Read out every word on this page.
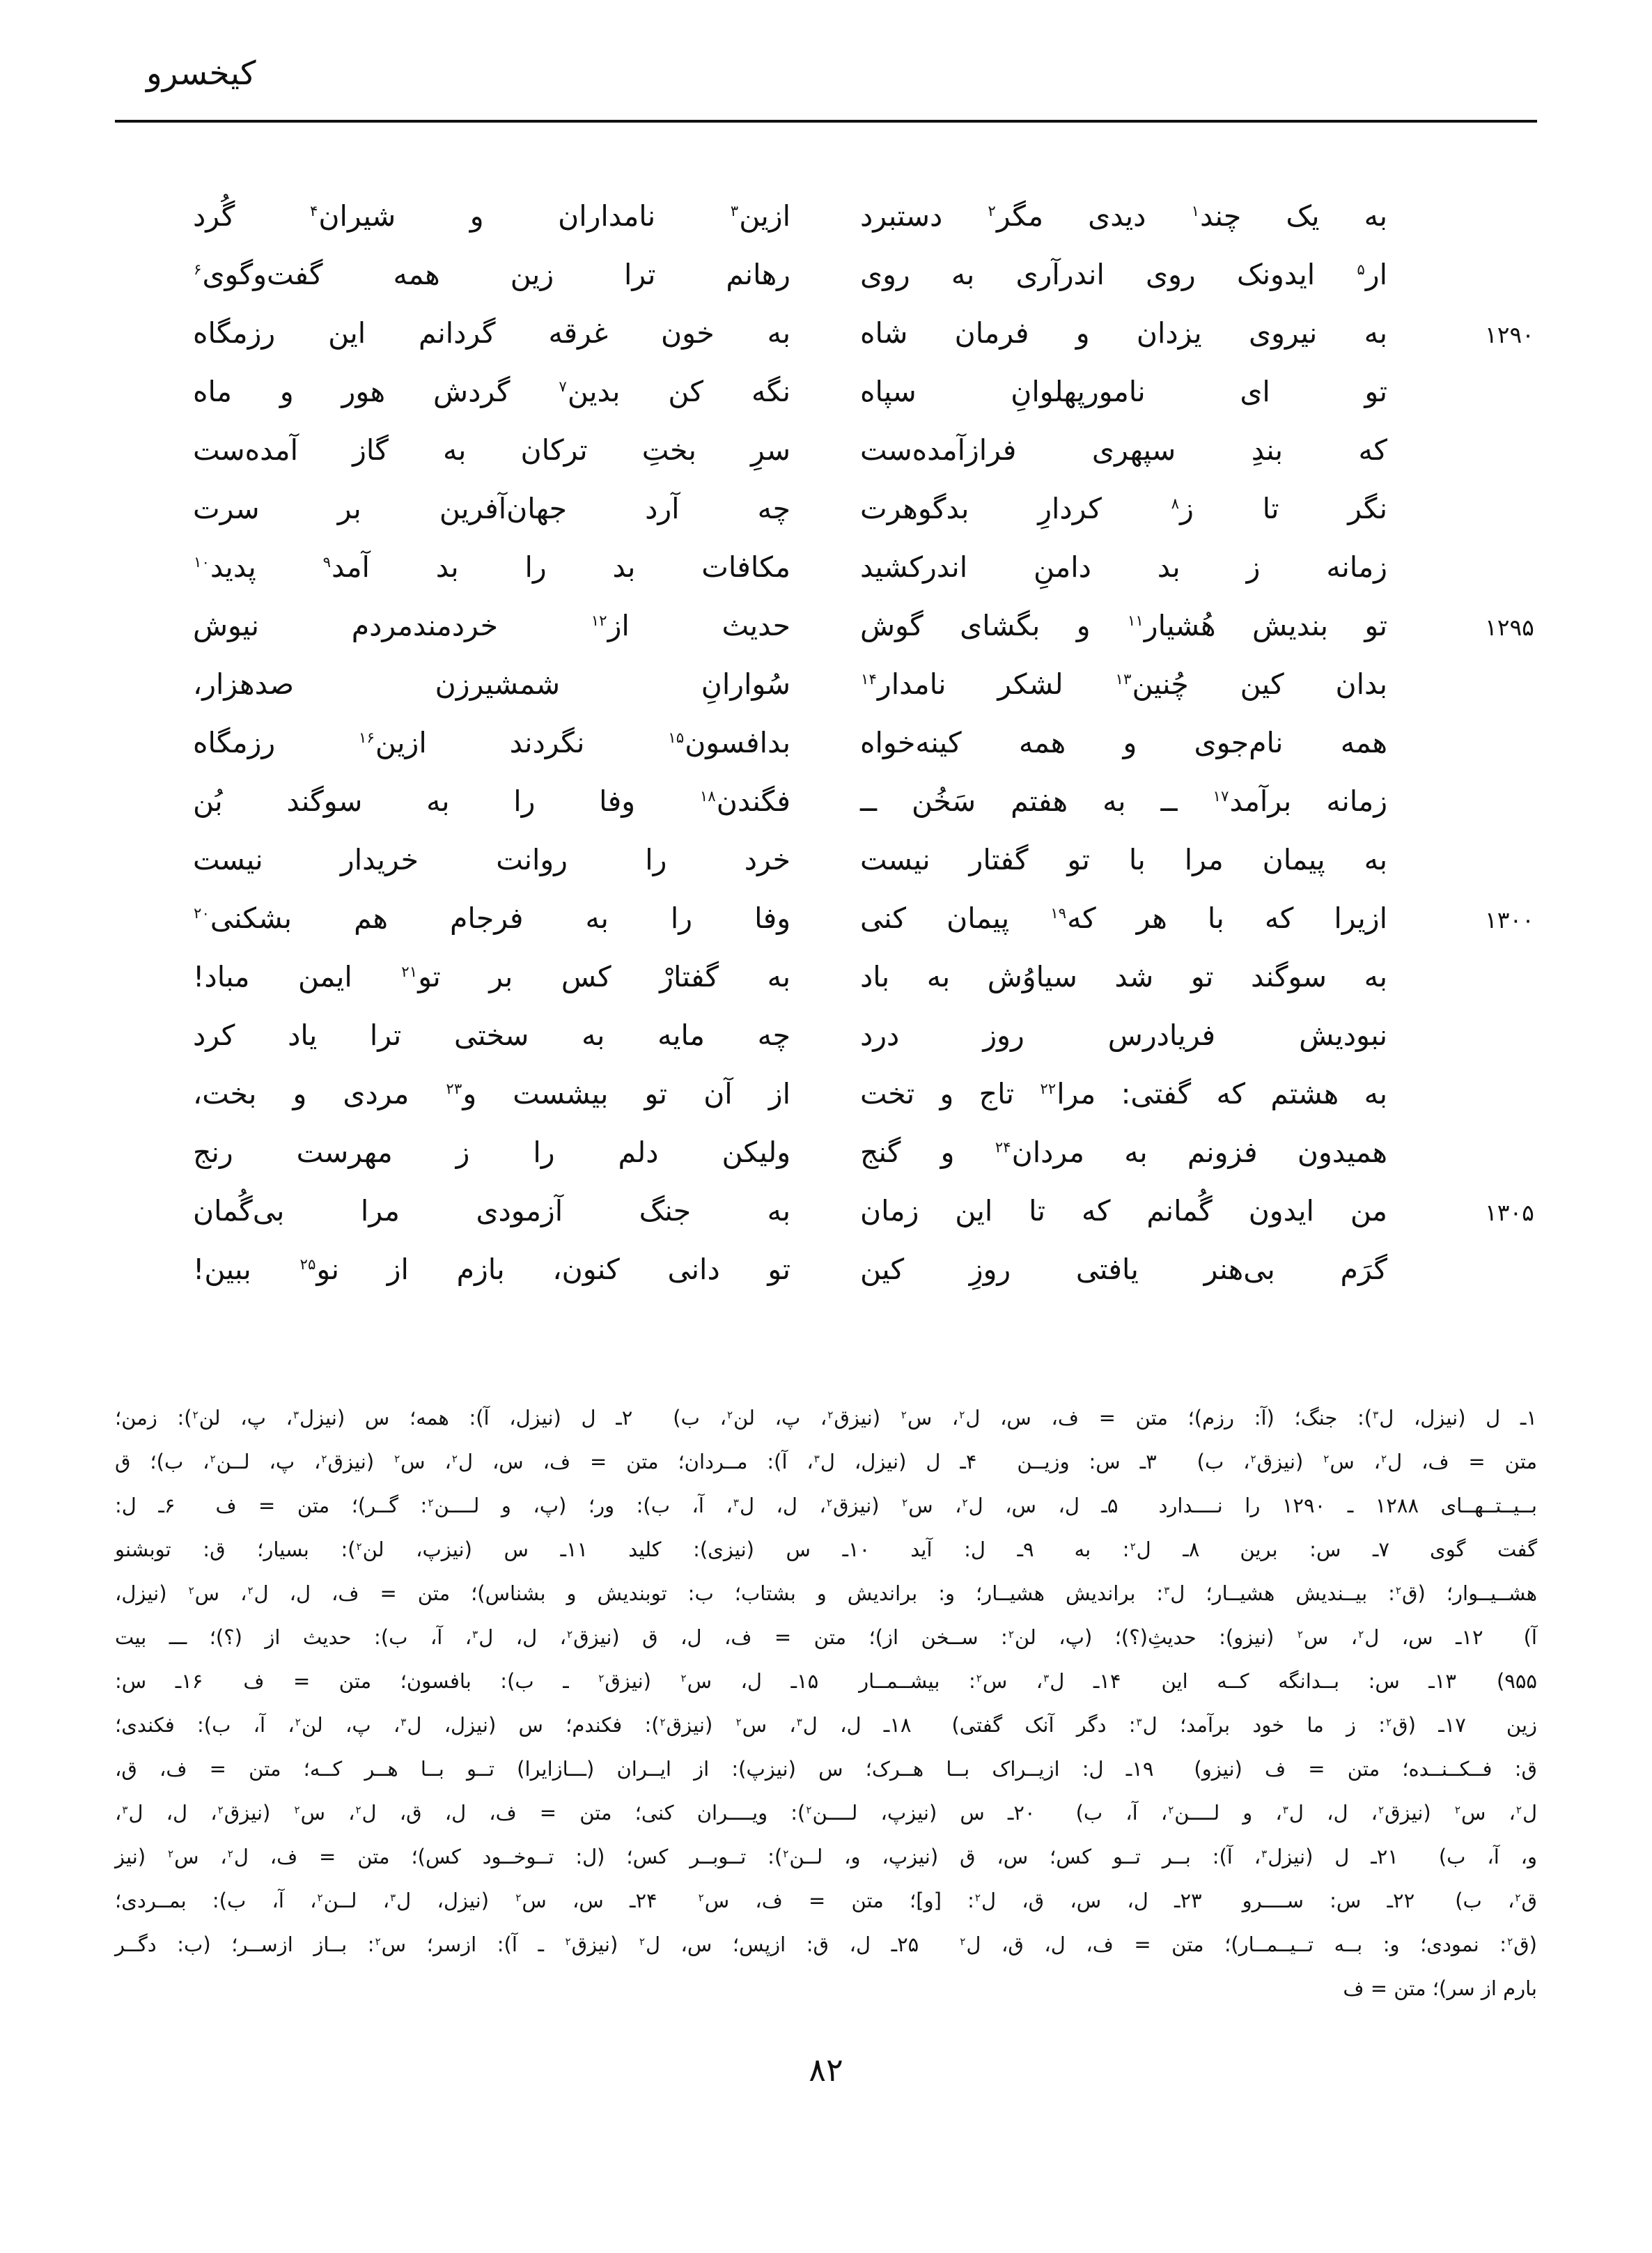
کیخسرو
به یک چند$^۱$ دیدی مگر$^۲$ دستبرد
ازین$^۳$ نامداران و شیران$^۴$ گُرد
ار$^۵$ ایدونک روی اندرآری به روی
رهانم ترا زین همه گفت‌وگوی$^۶$
۱۲۹۰
به نیروی یزدان و فرمان شاه
به خون غرقه گردانم این رزمگاه
تو ای نامورپهلوانِ سپاه
نگه کن بدین$^۷$ گردش هور و ماه
که بندِ سپهری فرازآمده‌ست
سرِ بختِ ترکان به گاز آمده‌ست
نگر تا ز$^۸$ کردارِ بدگوهرت
چه آرد جهان‌آفرین بر سرت
زمانه ز بد دامنِ اندرکشید
مکافات بد را بد آمد$^۹$ پدید$^{۱۰}$
۱۲۹۵
تو بندیش هُشیار$^{۱۱}$ و بگشای گوش
حدیث از$^{۱۲}$ خردمندمردم نیوش
بدان کین چُنین$^{۱۳}$ لشکر نامدار$^{۱۴}$
سُوارانِ شمشیرزن صدهزار،
همه نام‌جوی و همه کینه‌خواه
بدافسون$^{۱۵}$ نگردند ازین$^{۱۶}$ رزمگاه
زمانه برآمد$^{۱۷}$ ــ به هفتم سَخُن ــ
فگندن$^{۱۸}$ وفا را به سوگند بُن
به پیمان مرا با تو گفتار نیست
خرد را روانت خریدار نیست
۱۳۰۰
ازیرا که با هر که$^{۱۹}$ پیمان کنی
وفا را به فرجام هم بشکنی$^{۲۰}$
به سوگند تو شد سیاوُش به باد
به گفتارْ کس بر تو$^{۲۱}$ ایمن مباد!
نبودیش فریادرس روز درد
چه مایه به سختی ترا یاد کرد
به هشتم که گفتی: مرا$^{۲۲}$ تاج و تخت
از آن تو بیشست و$^{۲۳}$ مردی و بخت،
همیدون فزونم به مردان$^{۲۴}$ و گنج
ولیکن دلم را ز مهرست رنج
۱۳۰۵
من ایدون گُمانم که تا این زمان
به جنگ آزمودی مرا بی‌گُمان
گرَم بی‌هنر یافتی روزِ کین
تو دانی کنون، بازم از نو$^{۲۵}$ ببین!
۱ـ ل (نیزل، ل$^۳$): جنگ؛ (آ: رزم)؛ متن = ف، س، ل$^۲$، س$^۲$ (نیزق$^۲$، پ، لن$^۲$، ب)  ۲ـ ل (نیزل، آ): همه؛ س (نیزل$^۳$، پ، لن$^۲$): زمن؛
متن = ف، ل$^۲$، س$^۲$ (نیزق$^۲$، ب)  ۳ـ س: وزیــن  ۴ـ ل (نیزل، ل$^۳$، آ): مــردان؛ متن = ف، س، ل$^۲$، س$^۲$ (نیزق$^۲$، پ، لــن$^۲$، ب)؛ ق
بــیــتــهــای ۱۲۸۸ ـ ۱۲۹۰ را نــــدارد  ۵ـ ل، س، ل$^۲$، س$^۲$ (نیزق$^۲$، ل، ل$^۳$، آ، ب): ور؛ (پ، و لــــن$^۲$: گــر)؛ متن = ف  ۶ـ ل:
گفت گوی  ۷ـ س: برین  ۸ـ ل$^۲$: به  ۹ـ ل: آید  ۱۰ـ س (نیزی): کلید  ۱۱ـ س (نیزپ، لن$^۲$): بسیار؛ ق: توبشنو
هشــیــوار؛ (ق$^۲$: بیــندیش هشیــار؛ ل$^۳$: براندیش هشیــار؛ و: براندیش و بشتاب؛ ب: توبندیش و بشناس)؛ متن = ف، ل، ل$^۲$، س$^۲$ (نیزل،
آ)  ۱۲ـ س، ل$^۲$، س$^۲$ (نیزو): حدیثِ(؟)؛ (پ، لن$^۲$: ســخن از)؛ متن = ف، ل، ق (نیزق$^۲$، ل، ل$^۳$، آ، ب): حدیث از (؟)؛ ـــ بیت
۹۵۵)  ۱۳ـ س: بــدانگه کــه این  ۱۴ـ ل$^۳$، س$^۲$: بیشــمــار  ۱۵ـ ل، س$^۲$ (نیزق$^۲$ ـ ب): بافسون؛ متن = ف  ۱۶ـ س:
زین  ۱۷ـ (ق$^۲$: ز ما خود برآمد؛ ل$^۳$: دگر آنک گفتی)  ۱۸ـ ل، ل$^۳$، س$^۲$ (نیزق$^۲$): فکندم؛ س (نیزل، ل$^۳$، پ، لن$^۲$، آ، ب): فکندی؛
ق: فــکــنــده؛ متن = ف (نیزو)  ۱۹ـ ل: ازیــراک بــا هــرک؛ س (نیزپ): از ایــران (ـــازایرا) تــو بــا هــر کــه؛ متن = ف، ق،
ل$^۲$، س$^۲$ (نیزق$^۲$، ل، ل$^۳$، و لــــن$^۲$، آ، ب)  ۲۰ـ س (نیزپ، لــــن$^۲$): ویــــران کنی؛ متن = ف، ل، ق، ل$^۲$، س$^۲$ (نیزق$^۲$، ل، ل$^۳$،
و، آ، ب)  ۲۱ـ ل (نیزل$^۳$، آ): بــر تــو کس؛ س، ق (نیزپ، و، لــن$^۲$): تــوبــر کس؛ (ل: تــوخــود کس)؛ متن = ف، ل$^۲$، س$^۲$ (نیز
ق$^۲$، ب)  ۲۲ـ س: ســــرو  ۲۳ـ ل، س، ق، ل$^۲$: [و]؛ متن = ف، س$^۲$  ۲۴ـ س، س$^۲$ (نیزل، ل$^۳$، لــن$^۲$، آ، ب): بمــردی؛
(ق$^۲$: نمودی؛ و: بــه تــیــمــار)؛ متن = ف، ل، ق، ل$^۲$  ۲۵ـ ل، ق: ازپس؛ س، ل$^۲$ (نیزق$^۲$ ـ آ): ازسر؛ س$^۲$: بــاز ازســر؛ (ب: دگــر
بارم از سر)؛ متن = ف
۸۲
